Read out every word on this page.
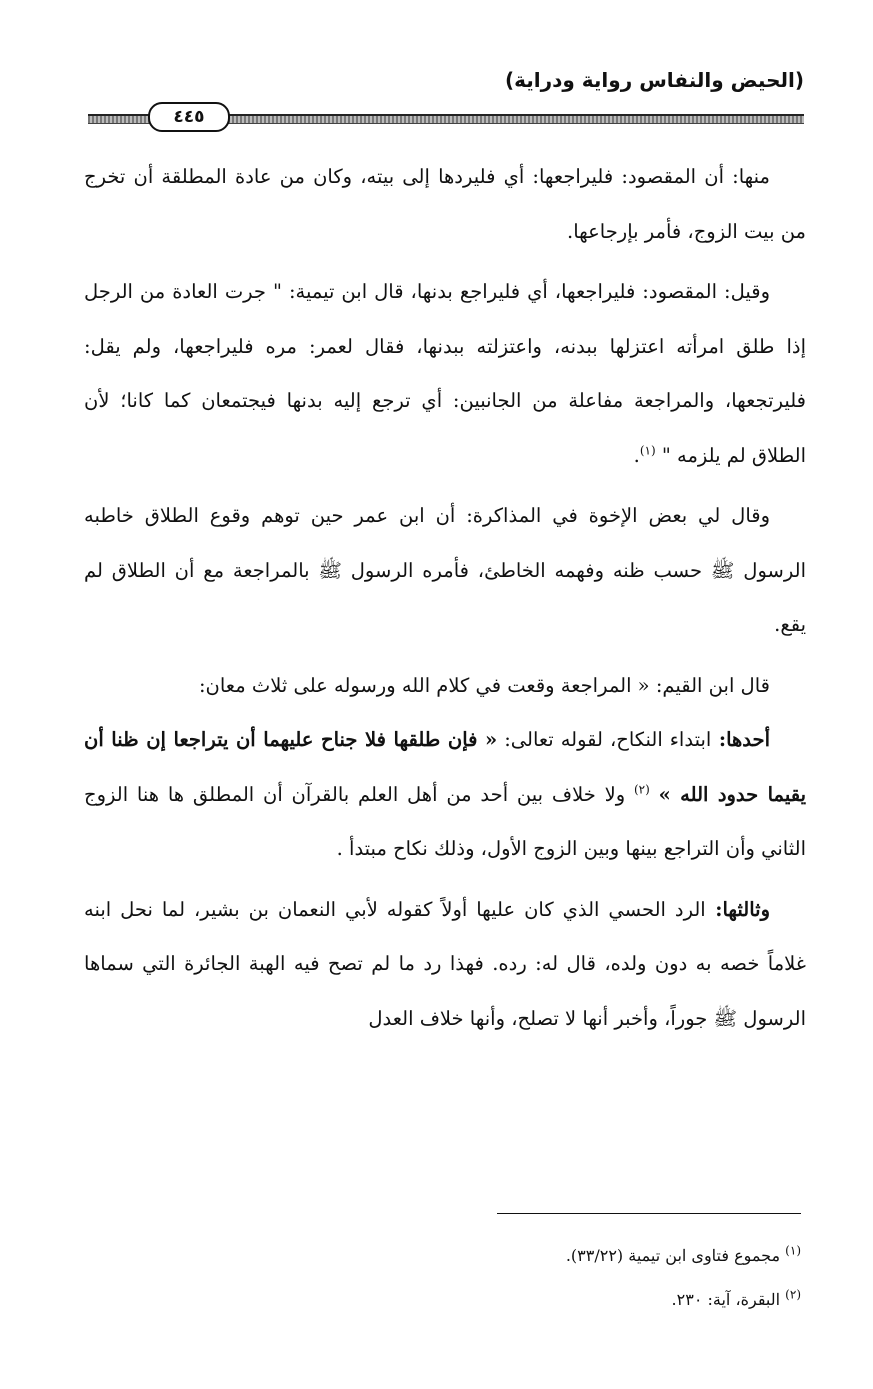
(الحيض والنفاس رواية ودراية)
٤٤٥

منها: أن المقصود: فليراجعها: أي فليردها إلى بيته، وكان من عادة المطلقة أن تخرج من بيت الزوج، فأمر بإرجاعها.

وقيل: المقصود: فليراجعها، أي فليراجع بدنها، قال ابن تيمية: " جرت العادة من الرجل إذا طلق امرأته اعتزلها ببدنه، واعتزلته ببدنها، فقال لعمر: مره فليراجعها، ولم يقل: فليرتجعها، والمراجعة مفاعلة من الجانبين: أي ترجع إليه بدنها فيجتمعان كما كانا؛ لأن الطلاق لم يلزمه " $^{(١)}$.

وقال لي بعض الإخوة في المذاكرة: أن ابن عمر حين توهم وقوع الطلاق خاطبه الرسول ﷺ حسب ظنه وفهمه الخاطئ، فأمره الرسول ﷺ بالمراجعة مع أن الطلاق لم يقع.

قال ابن القيم: « المراجعة وقعت في كلام الله ورسوله على ثلاث معان:

أحدها: ابتداء النكاح، لقوله تعالى: « فإن طلقها فلا جناح عليهما أن يتراجعا إن ظنا أن يقيما حدود الله » $^{(٢)}$ ولا خلاف بين أحد من أهل العلم بالقرآن أن المطلق ها هنا الزوج الثاني وأن التراجع بينها وبين الزوج الأول، وذلك نكاح مبتدأ .

وثالثها: الرد الحسي الذي كان عليها أولاً كقوله لأبي النعمان بن بشير، لما نحل ابنه غلاماً خصه به دون ولده، قال له: رده. فهذا رد ما لم تصح فيه الهبة الجائرة التي سماها الرسول ﷺ جوراً، وأخبر أنها لا تصلح، وأنها خلاف العدل

$^{(١)}$ مجموع فتاوى ابن تيمية (٣٣/٢٢).
$^{(٢)}$ البقرة، آية: ٢٣٠.
